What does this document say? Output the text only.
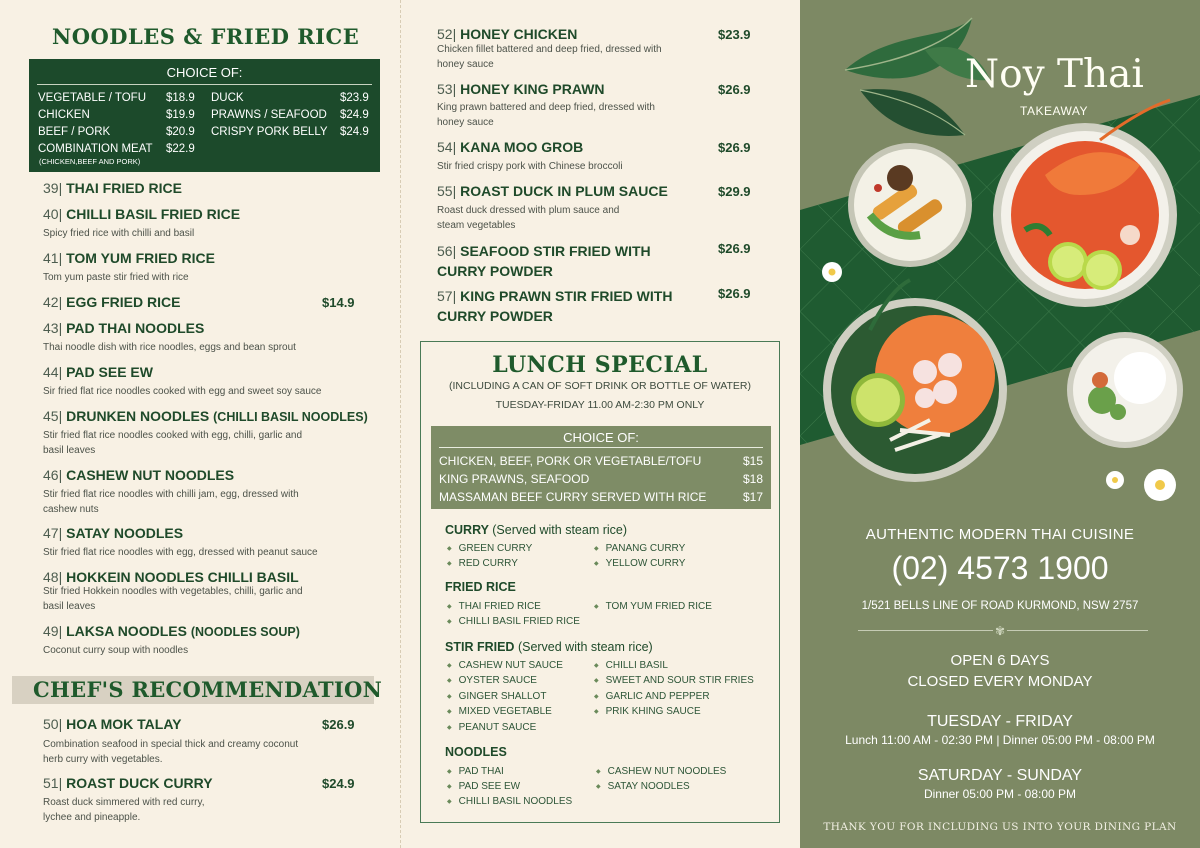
NOODLES & FRIED RICE
CHOICE OF:
VEGETABLE / TOFU $18.9
CHICKEN	$19.9
BEEF / PORK	$20.9
COMBINATION MEAT $22.9
(CHICKEN,BEEF AND PORK)
DUCK	$23.9
PRAWNS / SEAFOOD $24.9
CRISPY PORK BELLY $24.9
39| THAI FRIED RICE
40| CHILLI BASIL FRIED RICE
Spicy fried rice with chilli and basil
41| TOM YUM FRIED RICE
Tom yum paste stir fried with rice
42| EGG FRIED RICE	$14.9
43| PAD THAI NOODLES
Thai noodle dish with rice noodles, eggs and bean sprout
44| PAD SEE EW
Sir fried flat rice noodles cooked with egg and sweet soy sauce
45| DRUNKEN NOODLES (CHILLI BASIL NOODLES)
Stir fried flat rice noodles cooked with egg, chilli, garlic and basil leaves
46| CASHEW NUT NOODLES
Stir fried flat rice noodles with chilli jam, egg, dressed with cashew nuts
47| SATAY NOODLES
Stir fried flat rice noodles with egg, dressed with peanut sauce
48| HOKKEIN NOODLES CHILLI BASIL
Stir fried Hokkein noodles with vegetables, chilli, garlic and basil leaves
49| LAKSA NOODLES (NOODLES SOUP)
Coconut curry soup with noodles
CHEF'S RECOMMENDATION
50| HOA MOK TALAY	$26.9
Combination seafood in special thick and creamy coconut herb curry with vegetables.
51| ROAST DUCK CURRY	$24.9
Roast duck simmered with red curry, lychee and pineapple.
52| HONEY CHICKEN	$23.9
Chicken fillet battered and deep fried, dressed with honey sauce
53| HONEY KING PRAWN	$26.9
King prawn battered and deep fried, dressed with honey sauce
54| KANA MOO GROB	$26.9
Stir fried crispy pork with Chinese broccoli
55| ROAST DUCK IN PLUM SAUCE	$29.9
Roast duck dressed with plum sauce and steam vegetables
56| SEAFOOD STIR FRIED WITH
CURRY POWDER
$26.9
57| KING PRAWN STIR FRIED WITH
CURRY POWDER
$26.9
LUNCH SPECIAL
(INCLUDING A CAN OF SOFT DRINK OR BOTTLE OF WATER)
TUESDAY-FRIDAY 11.00 AM-2:30 PM ONLY
CHOICE OF:
CHICKEN, BEEF, PORK OR VEGETABLE/TOFU	$15
KING PRAWNS, SEAFOOD	$18
MASSAMAN BEEF CURRY SERVED WITH RICE	$17
CURRY (Served with steam rice)
◆ GREEN CURRY
◆ RED CURRY
◆ PANANG CURRY
◆ YELLOW CURRY
FRIED RICE
◆ THAI FRIED RICE
◆ CHILLI BASIL FRIED RICE
◆ TOM YUM FRIED RICE
STIR FRIED (Served with steam rice)
◆ CASHEW NUT SAUCE
◆ OYSTER SAUCE
◆ GINGER SHALLOT
◆ MIXED VEGETABLE
◆ PEANUT SAUCE
◆ CHILLI BASIL
◆ SWEET AND SOUR STIR FRIES
◆ GARLIC AND PEPPER
◆ PRIK KHING SAUCE
NOODLES
◆ PAD THAI
◆ PAD SEE EW
◆ CHILLI BASIL NOODLES
◆ CASHEW NUT NOODLES
◆ SATAY NOODLES
Noy Thai
TAKEAWAY
AUTHENTIC MODERN THAI CUISINE
(02) 4573 1900
1/521 BELLS LINE OF ROAD KURMOND, NSW 2757
✾
OPEN 6 DAYS
CLOSED EVERY MONDAY
TUESDAY - FRIDAY
Lunch 11:00 AM - 02:30 PM | Dinner 05:00 PM - 08:00 PM
SATURDAY - SUNDAY
Dinner 05:00 PM - 08:00 PM
THANK YOU FOR INCLUDING US INTO YOUR DINING PLAN
